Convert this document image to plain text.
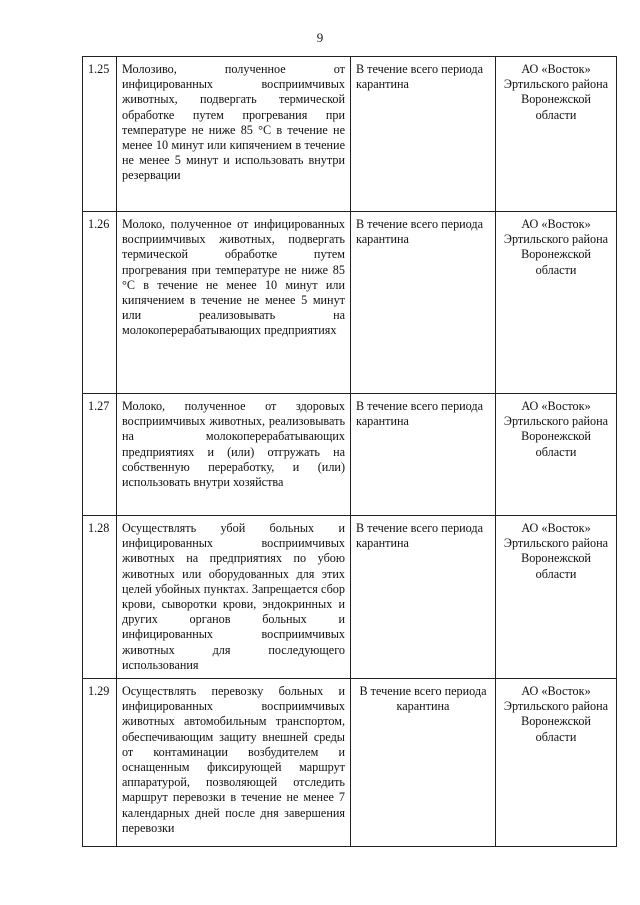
9
1.25	Молозиво, полученное от инфицированных восприимчивых животных, подвергать термической обработке путем прогревания при температуре не ниже 85 °С в течение не менее 10 минут или кипячением в течение не менее 5 минут и использовать внутри резервации	В течение всего периода карантина	АО «Восток» Эртильского района Воронежской области
1.26	Молоко, полученное от инфицированных восприимчивых животных, подвергать термической обработке путем прогревания при температуре не ниже 85 °С в течение не менее 10 минут или кипячением в течение не менее 5 минут или реализовывать на молокоперерабатывающих предприятиях	В течение всего периода карантина	АО «Восток» Эртильского района Воронежской области
1.27	Молоко, полученное от здоровых восприимчивых животных, реализовывать на молокоперерабатывающих предприятиях и (или) отгружать на собственную переработку, и (или) использовать внутри хозяйства	В течение всего периода карантина	АО «Восток» Эртильского района Воронежской области
1.28	Осуществлять убой больных и инфицированных восприимчивых животных на предприятиях по убою животных или оборудованных для этих целей убойных пунктах. Запрещается сбор крови, сыворотки крови, эндокринных и других органов больных и инфицированных восприимчивых животных для последующего использования	В течение всего периода карантина	АО «Восток» Эртильского района Воронежской области
1.29	Осуществлять перевозку больных и инфицированных восприимчивых животных автомобильным транспортом, обеспечивающим защиту внешней среды от контаминации возбудителем и оснащенным фиксирующей маршрут аппаратурой, позволяющей отследить маршрут перевозки в течение не менее 7 календарных дней после дня завершения перевозки	В течение всего периода карантина	АО «Восток» Эртильского района Воронежской области
